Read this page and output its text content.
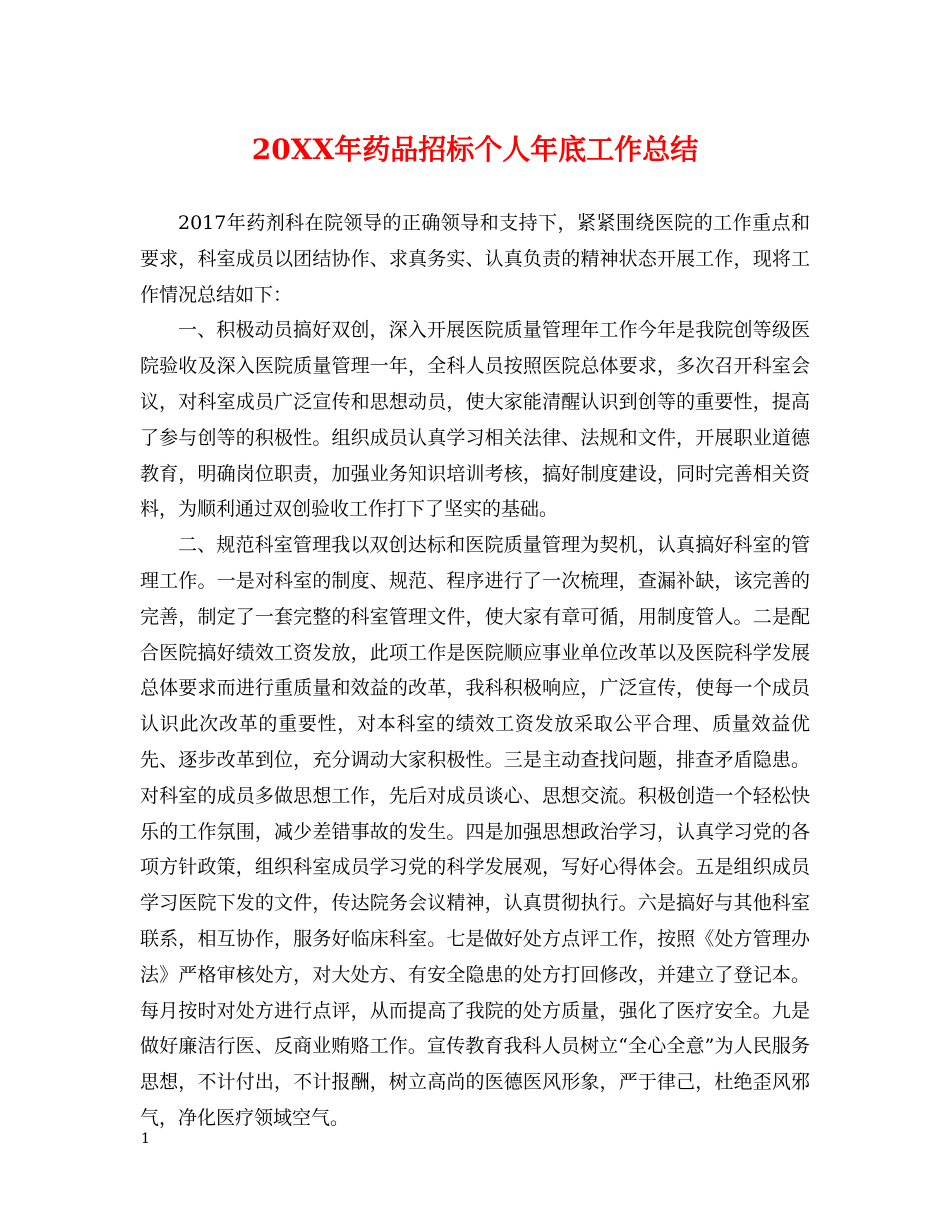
20XX年药品招标个人年底工作总结

2017年药剂科在院领导的正确领导和支持下，紧紧围绕医院的工作重点和要求，科室成员以团结协作、求真务实、认真负责的精神状态开展工作，现将工作情况总结如下：

一、积极动员搞好双创，深入开展医院质量管理年工作今年是我院创等级医院验收及深入医院质量管理一年，全科人员按照医院总体要求，多次召开科室会议，对科室成员广泛宣传和思想动员，使大家能清醒认识到创等的重要性，提高了参与创等的积极性。组织成员认真学习相关法律、法规和文件，开展职业道德教育，明确岗位职责，加强业务知识培训考核，搞好制度建设，同时完善相关资料，为顺利通过双创验收工作打下了坚实的基础。

二、规范科室管理我以双创达标和医院质量管理为契机，认真搞好科室的管理工作。一是对科室的制度、规范、程序进行了一次梳理，查漏补缺，该完善的完善，制定了一套完整的科室管理文件，使大家有章可循，用制度管人。二是配合医院搞好绩效工资发放，此项工作是医院顺应事业单位改革以及医院科学发展总体要求而进行重质量和效益的改革，我科积极响应，广泛宣传，使每一个成员认识此次改革的重要性，对本科室的绩效工资发放采取公平合理、质量效益优先、逐步改革到位，充分调动大家积极性。三是主动查找问题，排查矛盾隐患。对科室的成员多做思想工作，先后对成员谈心、思想交流。积极创造一个轻松快乐的工作氛围，减少差错事故的发生。四是加强思想政治学习，认真学习党的各项方针政策，组织科室成员学习党的科学发展观，写好心得体会。五是组织成员学习医院下发的文件，传达院务会议精神，认真贯彻执行。六是搞好与其他科室联系，相互协作，服务好临床科室。七是做好处方点评工作，按照《处方管理办法》严格审核处方，对大处方、有安全隐患的处方打回修改，并建立了登记本。每月按时对处方进行点评，从而提高了我院的处方质量，强化了医疗安全。九是做好廉洁行医、反商业贿赂工作。宣传教育我科人员树立“全心全意”为人民服务思想，不计付出，不计报酬，树立高尚的医德医风形象，严于律己，杜绝歪风邪气，净化医疗领域空气。

1
